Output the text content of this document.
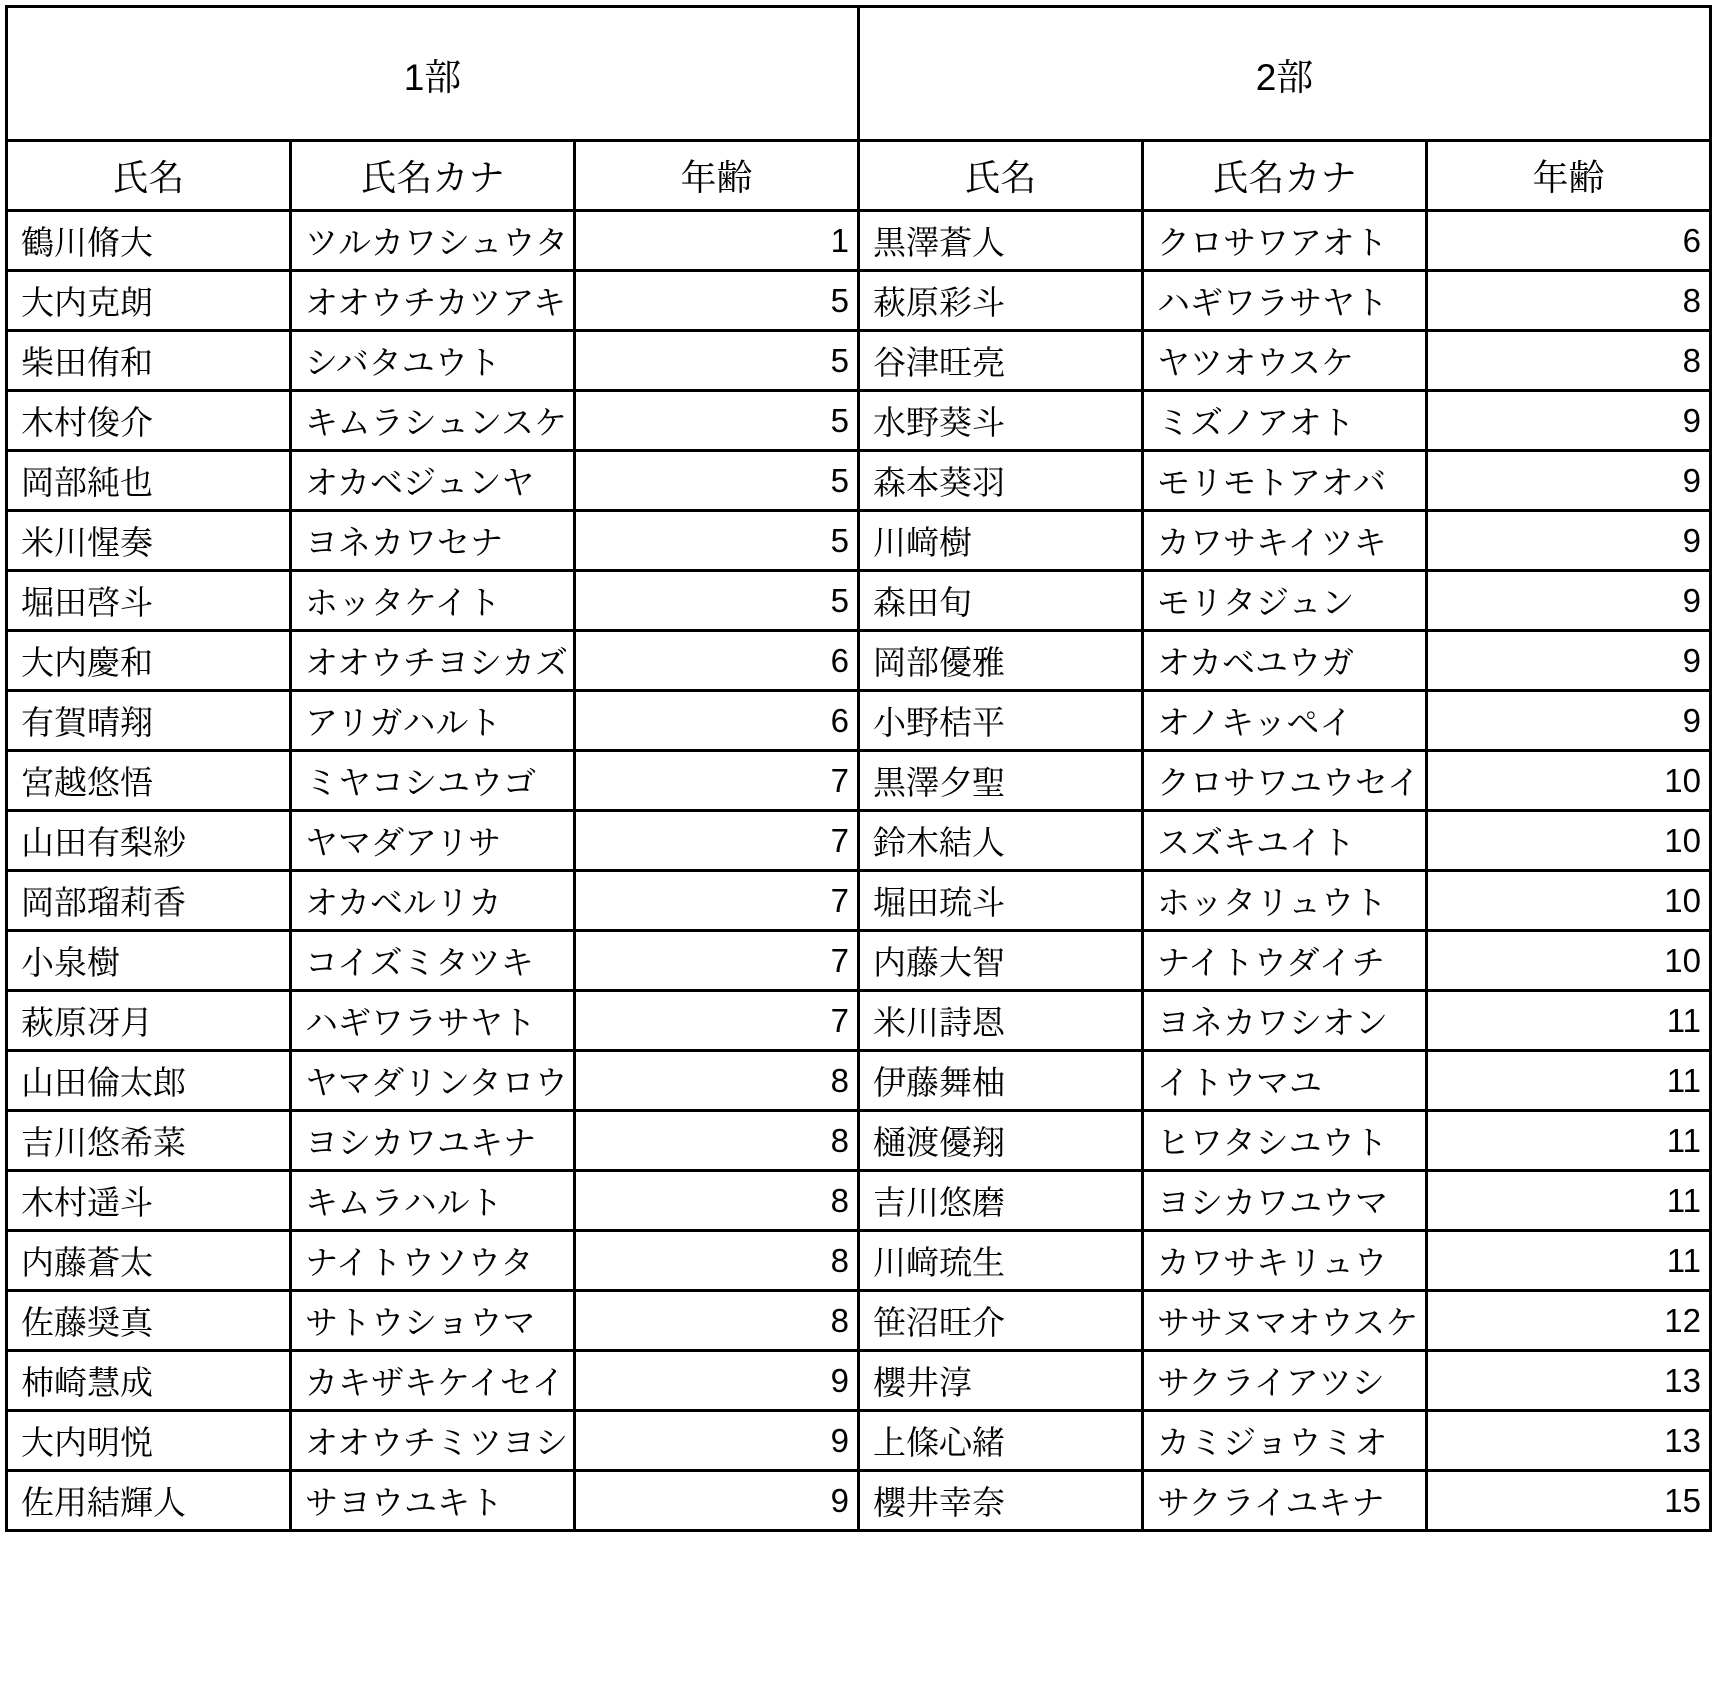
1部			2部		
氏名	氏名カナ	年齢	氏名	氏名カナ	年齢
鶴川脩大	ツルカワシュウタ	1	黒澤蒼人	クロサワアオト	6
大内克朗	オオウチカツアキ	5	萩原彩斗	ハギワラサヤト	8
柴田侑和	シバタユウト	5	谷津旺亮	ヤツオウスケ	8
木村俊介	キムラシュンスケ	5	水野葵斗	ミズノアオト	9
岡部純也	オカベジュンヤ	5	森本葵羽	モリモトアオバ	9
米川惺奏	ヨネカワセナ	5	川﨑樹	カワサキイツキ	9
堀田啓斗	ホッタケイト	5	森田旬	モリタジュン	9
大内慶和	オオウチヨシカズ	6	岡部優雅	オカベユウガ	9
有賀晴翔	アリガハルト	6	小野桔平	オノキッペイ	9
宮越悠悟	ミヤコシユウゴ	7	黒澤夕聖	クロサワユウセイ	10
山田有梨紗	ヤマダアリサ	7	鈴木結人	スズキユイト	10
岡部瑠莉香	オカベルリカ	7	堀田琉斗	ホッタリュウト	10
小泉樹	コイズミタツキ	7	内藤大智	ナイトウダイチ	10
萩原冴月	ハギワラサヤト	7	米川詩恩	ヨネカワシオン	11
山田倫太郎	ヤマダリンタロウ	8	伊藤舞柚	イトウマユ	11
吉川悠希菜	ヨシカワユキナ	8	樋渡優翔	ヒワタシユウト	11
木村遥斗	キムラハルト	8	吉川悠磨	ヨシカワユウマ	11
内藤蒼太	ナイトウソウタ	8	川﨑琉生	カワサキリュウ	11
佐藤奨真	サトウショウマ	8	笹沼旺介	ササヌマオウスケ	12
柿崎慧成	カキザキケイセイ	9	櫻井淳	サクライアツシ	13
大内明悦	オオウチミツヨシ	9	上條心緒	カミジョウミオ	13
佐用結輝人	サヨウユキト	9	櫻井幸奈	サクライユキナ	15
